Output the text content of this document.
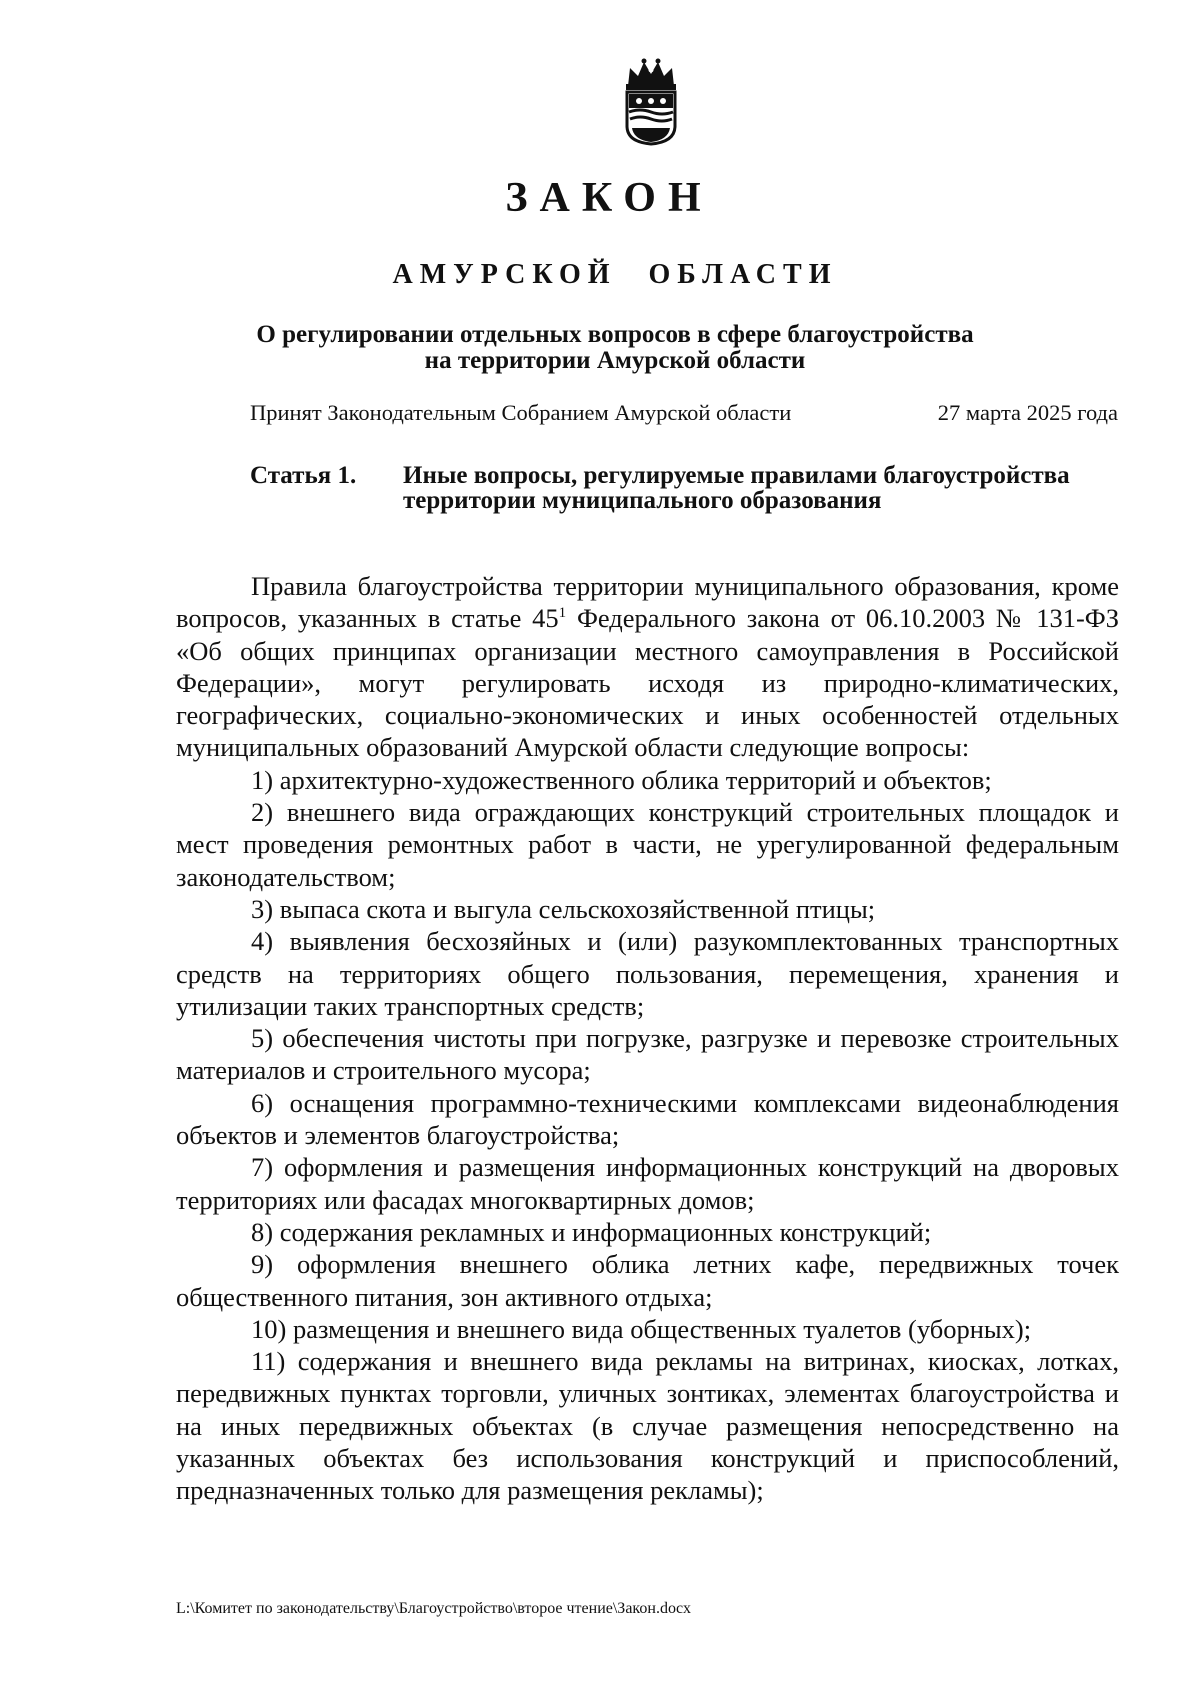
ЗАКОН
АМУРСКОЙ ОБЛАСТИ
О регулировании отдельных вопросов в сфере благоустройства
на территории Амурской области
Принят Законодательным Собранием Амурской области	27 марта 2025 года
Статья 1. Иные вопросы, регулируемые правилами благоустройства территории муниципального образования

Правила благоустройства территории муниципального образования, кроме вопросов, указанных в статье $45^1$ Федерального закона от 06.10.2003 № 131-ФЗ «Об общих принципах организации местного самоуправления в Российской Федерации», могут регулировать исходя из природно-климатических, географических, социально-экономических и иных особенностей отдельных муниципальных образований Амурской области следующие вопросы:

1) архитектурно-художественного облика территорий и объектов;

2) внешнего вида ограждающих конструкций строительных площадок и мест проведения ремонтных работ в части, не урегулированной федеральным законодательством;

3) выпаса скота и выгула сельскохозяйственной птицы;

4) выявления бесхозяйных и (или) разукомплектованных транспортных средств на территориях общего пользования, перемещения, хранения и утилизации таких транспортных средств;

5) обеспечения чистоты при погрузке, разгрузке и перевозке строительных материалов и строительного мусора;

6) оснащения программно-техническими комплексами видеонаблюдения объектов и элементов благоустройства;

7) оформления и размещения информационных конструкций на дворовых территориях или фасадах многоквартирных домов;

8) содержания рекламных и информационных конструкций;

9) оформления внешнего облика летних кафе, передвижных точек общественного питания, зон активного отдыха;

10) размещения и внешнего вида общественных туалетов (уборных);

11) содержания и внешнего вида рекламы на витринах, киосках, лотках, передвижных пунктах торговли, уличных зонтиках, элементах благоустройства и на иных передвижных объектах (в случае размещения непосредственно на указанных объектах без использования конструкций и приспособлений, предназначенных только для размещения рекламы);

L:\Комитет по законодательству\Благоустройство\второе чтение\Закон.docx
